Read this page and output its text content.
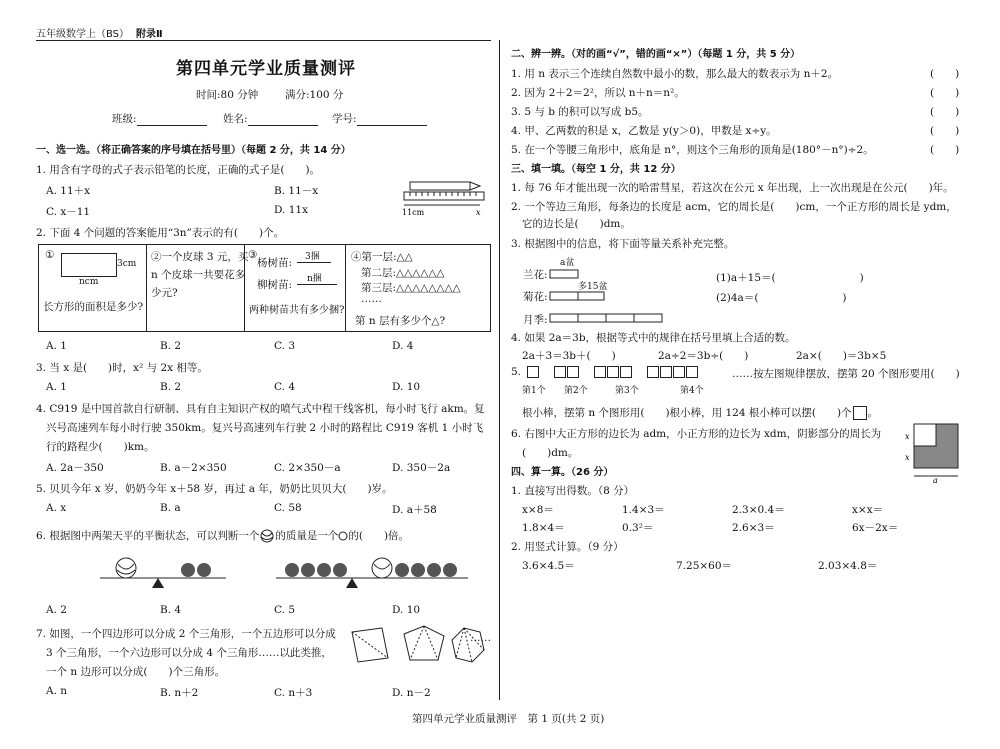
五年级数学上（BS） 附录Ⅱ
第四单元学业质量测评
时间:80 分钟	满分:100 分
班级:	姓名:	学号:
一、选一选。（将正确答案的序号填在括号里）（每题 2 分，共 14 分）
1. 用含有字母的式子表示铅笔的长度，正确的式子是(　　)。
A. 11＋x	B. 11－x
C. x－11	D. 11x	11cm	x
2. 下面 4 个问题的答案能用“3n”表示的有(　　)个。
①
3cm
ncm
长方形的面积是多少?
②一个皮球 3 元，买
n 个皮球一共要花多
少元?
③
杨树苗: 3捆
柳树苗: n捆
两种树苗共有多少捆?
④第一层:△△
第二层:△△△△△△
第三层:△△△△△△△△
……
第 n 层有多少个△?
A. 1	B. 2	C. 3	D. 4
3. 当 x 是(　　)时，x² 与 2x 相等。
A. 1	B. 2	C. 4	D. 10
4. C919 是中国首款自行研制、具有自主知识产权的喷气式中程干线客机，每小时飞行 akm。复
兴号高速列车每小时行驶 350km。复兴号高速列车行驶 2 小时的路程比 C919 客机 1 小时飞
行的路程少(　　)km。
A. 2a－350	B. a－2×350	C. 2×350－a	D. 350－2a
5. 贝贝今年 x 岁，奶奶今年 x＋58 岁，再过 a 年，奶奶比贝贝大(　　)岁。
A. x	B. a	C. 58	D. a＋58
6. 根据图中两架天平的平衡状态，可以判断一个 的质量是一个 的(　　)倍。
A. 2	B. 4	C. 5	D. 10
7. 如图，一个四边形可以分成 2 个三角形，一个五边形可以分成
3 个三角形，一个六边形可以分成 4 个三角形……以此类推，
一个 n 边形可以分成(　　)个三角形。
……
A. n	B. n＋2	C. n＋3	D. n－2
二、辨一辨。（对的画“√”，错的画“×”）（每题 1 分，共 5 分）
1. 用 n 表示三个连续自然数中最小的数，那么最大的数表示为 n＋2。
2. 因为 2＋2＝2²，所以 n＋n＝n²。
3. 5 与 b 的积可以写成 b5。
4. 甲、乙两数的积是 x，乙数是 y(y＞0)，甲数是 x÷y。
5. 在一个等腰三角形中，底角是 n°，则这个三角形的顶角是(180°－n°)÷2。
(　　)
(　　)
(　　)
(　　)
(　　)
三、填一填。（每空 1 分，共 12 分）
1. 每 76 年才能出现一次的哈雷彗星，若这次在公元 x 年出现，上一次出现是在公元(　　)年。
2. 一个等边三角形，每条边的长度是 acm，它的周长是(　　)cm，一个正方形的周长是 ydm，
它的边长是(　　)dm。
3. 根据图中的信息，将下面等量关系补充完整。
兰花:
菊花:
月季:
a盆
多15盆
(1)a＋15＝(　　　　　　　　)
(2)4a＝(　　　　　　　　)
4. 如果 2a＝3b，根据等式中的规律在括号里填上合适的数。
2a＋3＝3b＋(　　)	2a÷2＝3b÷(　　)	2a×(　　)＝3b×5
5.
第1个 第2个	第3个	第4个
……按左图规律摆放，摆第 20 个图形要用(　　)
根小棒，摆第 n 个图形用(　　)根小棒，用 124 根小棒可以摆(　　)个 。
6. 右图中大正方形的边长为 adm，小正方形的边长为 xdm，阴影部分的周长为
(　　)dm。
x
x
a
四、算一算。（26 分）
1. 直接写出得数。（8 分）
x×8＝	1.4×3＝	2.3×0.4＝	x×x＝
1.8×4＝	0.3²＝	2.6×3＝	6x－2x＝
2. 用竖式计算。（9 分）
3.6×4.5＝	7.25×60＝	2.03×4.8＝
第四单元学业质量测评　第 1 页(共 2 页)
